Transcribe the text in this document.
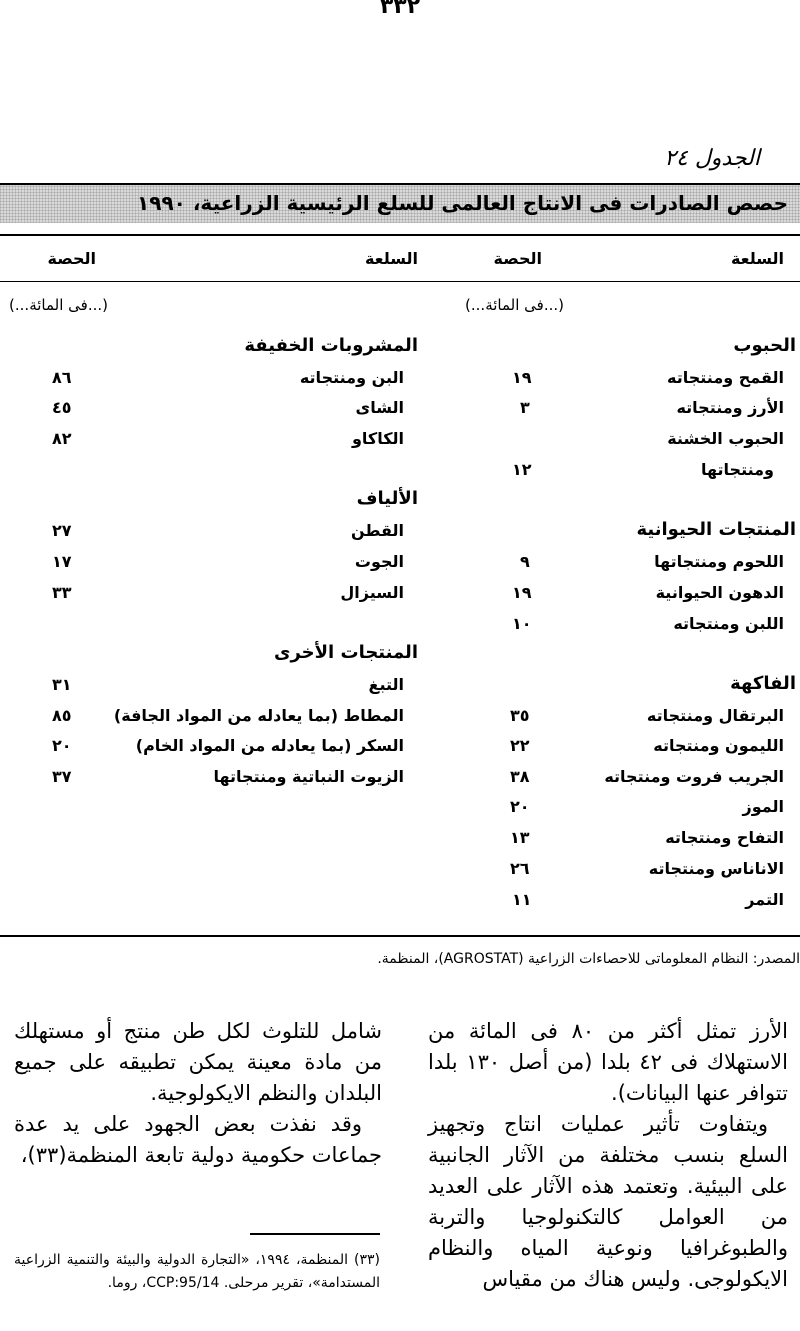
٣٣٢
الجدول ٢٤
حصص الصادرات فى الانتاج العالمى للسلع الرئيسية الزراعية، ١٩٩٠
السلعة
الحصة
السلعة
الحصة
(...فى المائة...)
(...فى المائة...)
الحبوب
القمح ومنتجاته
١٩
الأرز ومنتجاته
٣
الحبوب الخشنة
ومنتجاتها
١٢
المنتجات الحيوانية
اللحوم ومنتجاتها
٩
الدهون الحيوانية
١٩
اللبن ومنتجاته
١٠
الفاكهة
البرتقال ومنتجاته
٣٥
الليمون ومنتجاته
٢٢
الجريب فروت ومنتجاته
٣٨
الموز
٢٠
التفاح ومنتجاته
١٣
الاناناس ومنتجاته
٢٦
التمر
١١
المشروبات الخفيفة
البن ومنتجاته
٨٦
الشاى
٤٥
الكاكاو
٨٢
الألياف
القطن
٢٧
الجوت
١٧
السيزال
٣٣
المنتجات الأخرى
التبغ
٣١
المطاط (بما يعادله من المواد الجافة)
٨٥
السكر (بما يعادله من المواد الخام)
٢٠
الزيوت النباتية ومنتجاتها
٣٧
المصدر: النظام المعلوماتى للاحصاءات الزراعية (AGROSTAT)، المنظمة.

الأرز تمثل أكثر من ٨٠ فى المائة من الاستهلاك فى ٤٢ بلدا (من أصل ١٣٠ بلدا تتوافر عنها البيانات).

ويتفاوت تأثير عمليات انتاج وتجهيز السلع بنسب مختلفة من الآثار الجانبية على البيئية. وتعتمد هذه الآثار على العديد من العوامل كالتكنولوجيا والتربة والطبوغرافيا ونوعية المياه والنظام الايكولوجى. وليس هناك من مقياس

شامل للتلوث لكل طن منتج أو مستهلك من مادة معينة يمكن تطبيقه على جميع البلدان والنظم الايكولوجية.

وقد نفذت بعض الجهود على يد عدة جماعات حكومية دولية تابعة المنظمة(٣٣)،

(٣٣) المنظمة، ١٩٩٤، «التجارة الدولية والبيئة والتنمية الزراعية المستدامة»، تقرير مرحلى. CCP:95/14، روما.
